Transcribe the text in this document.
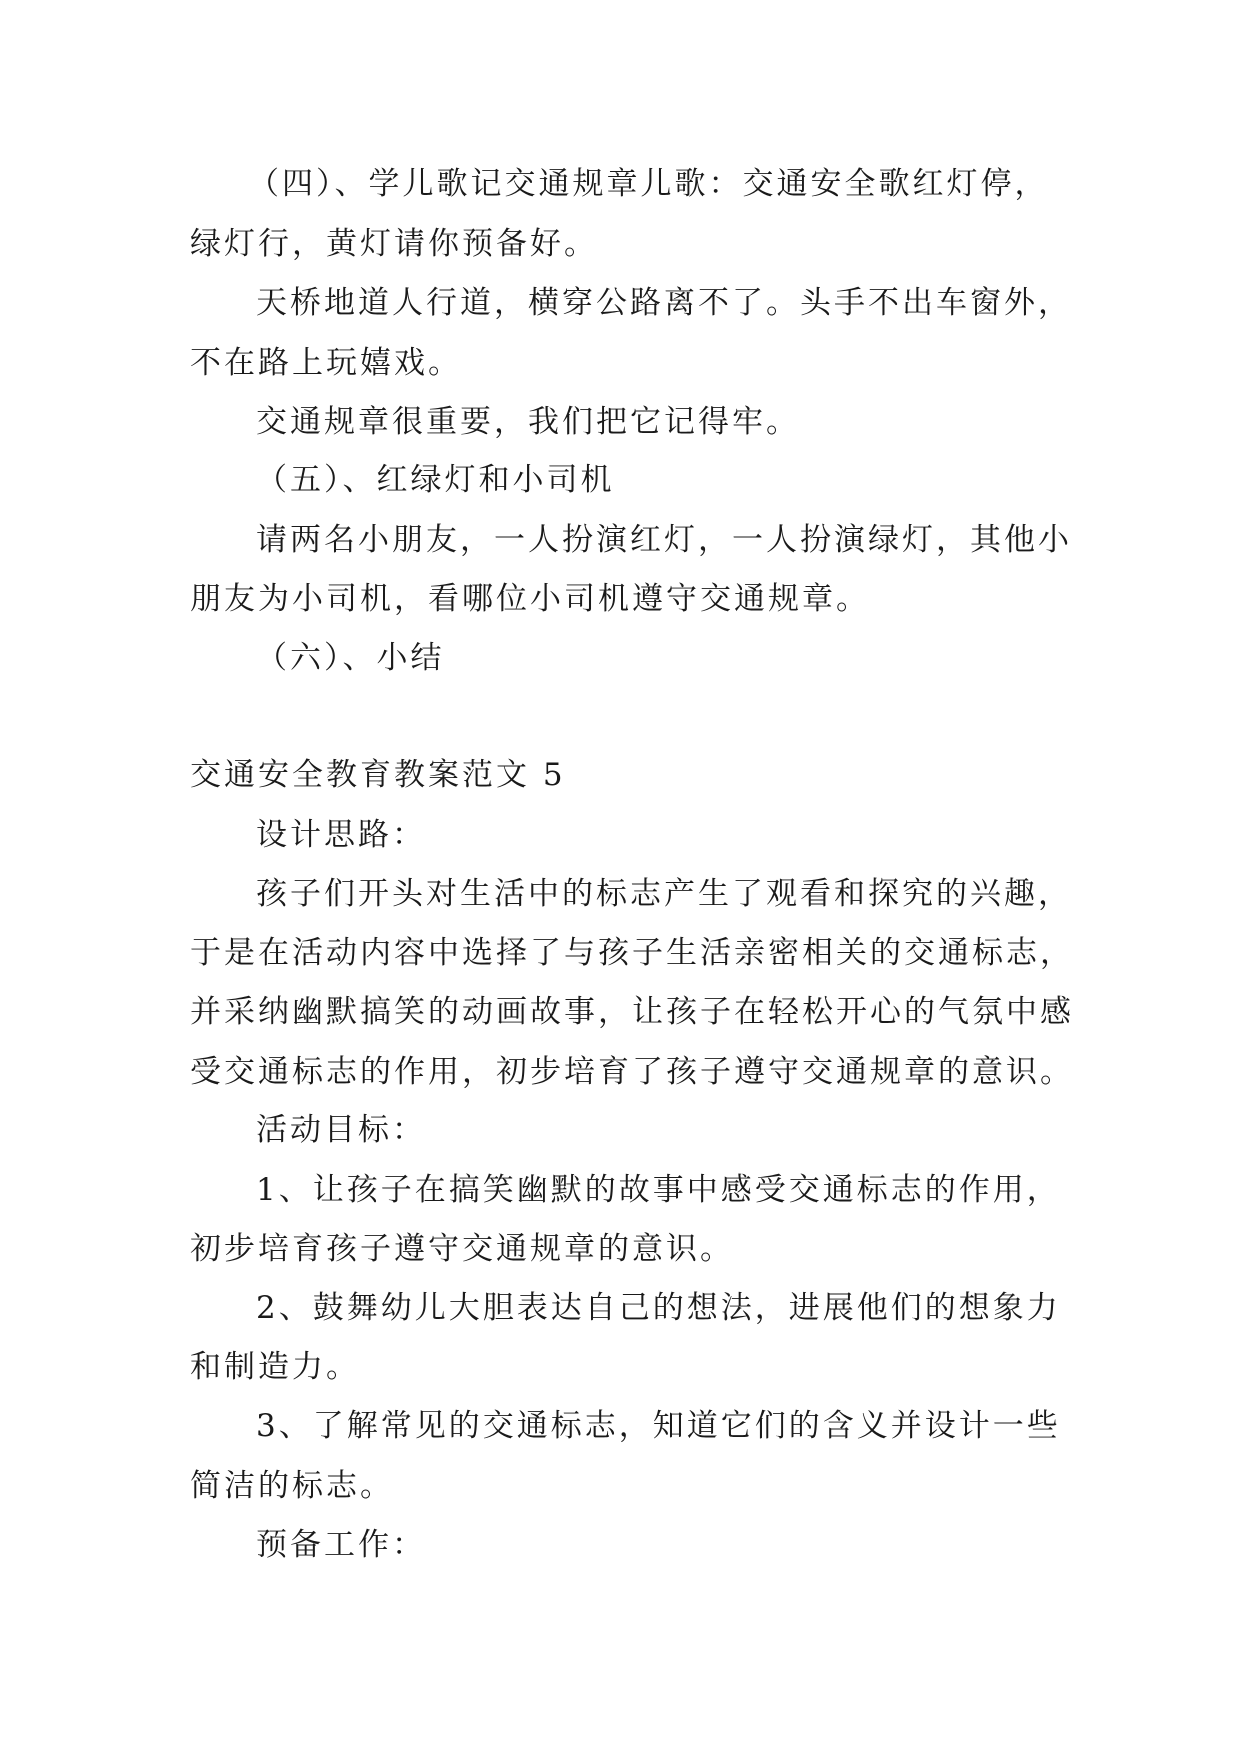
（四）、学儿歌记交通规章儿歌：交通安全歌红灯停，

绿灯行，黄灯请你预备好。

天桥地道人行道，横穿公路离不了。头手不出车窗外，

不在路上玩嬉戏。

交通规章很重要，我们把它记得牢。

（五）、红绿灯和小司机

请两名小朋友，一人扮演红灯，一人扮演绿灯，其他小

朋友为小司机，看哪位小司机遵守交通规章。

（六）、小结

交通安全教育教案范文 5

设计思路：

孩子们开头对生活中的标志产生了观看和探究的兴趣，

于是在活动内容中选择了与孩子生活亲密相关的交通标志，

并采纳幽默搞笑的动画故事，让孩子在轻松开心的气氛中感

受交通标志的作用，初步培育了孩子遵守交通规章的意识。

活动目标：

1、让孩子在搞笑幽默的故事中感受交通标志的作用，

初步培育孩子遵守交通规章的意识。

2、鼓舞幼儿大胆表达自己的想法，进展他们的想象力

和制造力。

3、了解常见的交通标志，知道它们的含义并设计一些

简洁的标志。

预备工作：
